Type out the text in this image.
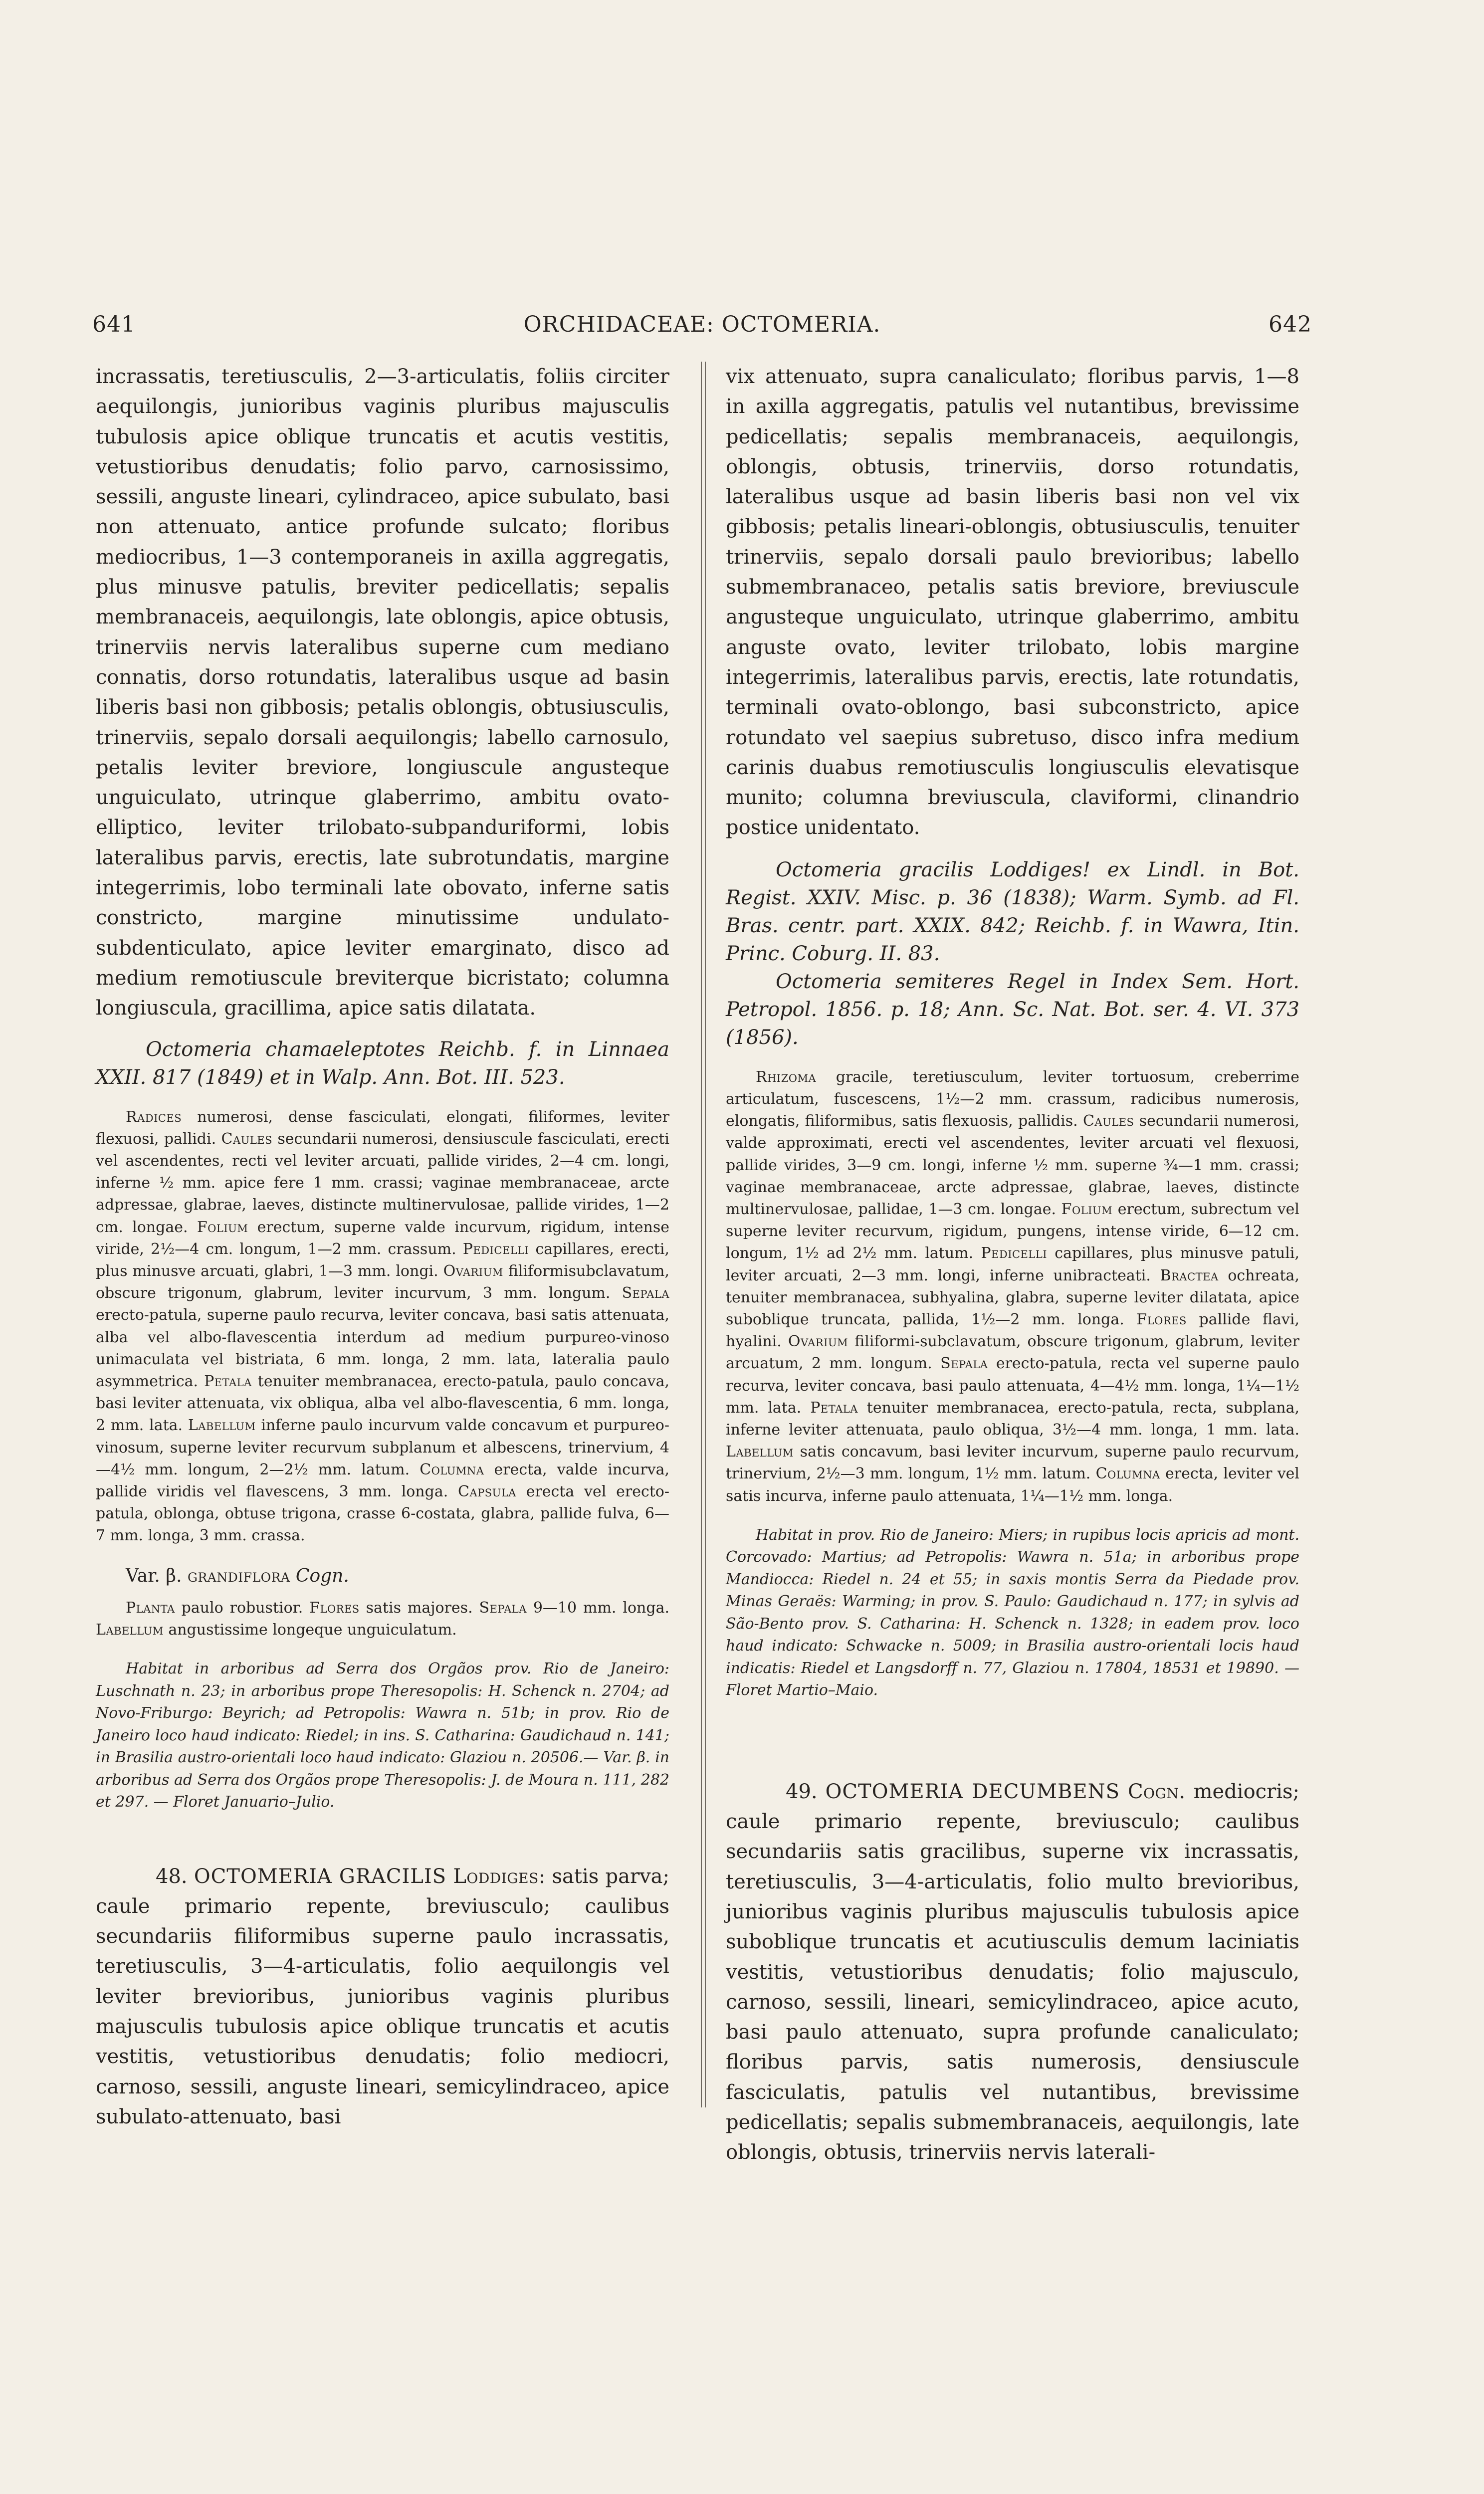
641	ORCHIDACEAE: OCTOMERIA.	642

incrassatis, teretiusculis, 2—3-articulatis, foliis circiter aequilongis, junioribus vaginis pluribus majusculis tubulosis apice oblique truncatis et acutis vestitis, vetustioribus denudatis; folio parvo, carnosissimo, sessili, anguste lineari, cylindraceo, apice subulato, basi non attenuato, antice profunde sulcato; floribus mediocribus, 1—3 contemporaneis in axilla aggregatis, plus minusve patulis, breviter pedicellatis; sepalis membranaceis, aequilongis, late oblongis, apice obtusis, trinerviis nervis lateralibus superne cum mediano connatis, dorso rotundatis, lateralibus usque ad basin liberis basi non gibbosis; petalis oblongis, obtusiusculis, trinerviis, sepalo dorsali aequilongis; labello carnosulo, petalis leviter breviore, longiuscule angusteque unguiculato, utrinque glaberrimo, ambitu ovato-elliptico, leviter trilobato-subpanduriformi, lobis lateralibus parvis, erectis, late subrotundatis, margine integerrimis, lobo terminali late obovato, inferne satis constricto, margine minutissime undulato-subdenticulato, apice leviter emarginato, disco ad medium remotiuscule breviterque bicristato; columna longiuscula, gracillima, apice satis dilatata.

Octomeria chamaeleptotes Reichb. f. in Linnaea XXII. 817 (1849) et in Walp. Ann. Bot. III. 523.

Radices numerosi, dense fasciculati, elongati, filiformes, leviter flexuosi, pallidi. Caules secundarii numerosi, densiuscule fasciculati, erecti vel ascendentes, recti vel leviter arcuati, pallide virides, 2—4 cm. longi, inferne ½ mm. apice fere 1 mm. crassi; vaginae membranaceae, arcte adpressae, glabrae, laeves, distincte multinervulosae, pallide virides, 1—2 cm. longae. Folium erectum, superne valde incurvum, rigidum, intense viride, 2½—4 cm. longum, 1—2 mm. crassum. Pedicelli capillares, erecti, plus minusve arcuati, glabri, 1—3 mm. longi. Ovarium filiformisubclavatum, obscure trigonum, glabrum, leviter incurvum, 3 mm. longum. Sepala erecto-patula, superne paulo recurva, leviter concava, basi satis attenuata, alba vel albo-flavescentia interdum ad medium purpureo-vinoso unimaculata vel bistriata, 6 mm. longa, 2 mm. lata, lateralia paulo asymmetrica. Petala tenuiter membranacea, erecto-patula, paulo concava, basi leviter attenuata, vix obliqua, alba vel albo-flavescentia, 6 mm. longa, 2 mm. lata. Labellum inferne paulo incurvum valde concavum et purpureo-vinosum, superne leviter recurvum subplanum et albescens, trinervium, 4—4½ mm. longum, 2—2½ mm. latum. Columna erecta, valde incurva, pallide viridis vel flavescens, 3 mm. longa. Capsula erecta vel erecto-patula, oblonga, obtuse trigona, crasse 6-costata, glabra, pallide fulva, 6—7 mm. longa, 3 mm. crassa.

Var. β. grandiflora Cogn.

Planta paulo robustior. Flores satis majores. Sepala 9—10 mm. longa. Labellum angustissime longeque unguiculatum.

Habitat in arboribus ad Serra dos Orgãos prov. Rio de Janeiro: Luschnath n. 23; in arboribus prope Theresopolis: H. Schenck n. 2704; ad Novo-Friburgo: Beyrich; ad Petropolis: Wawra n. 51b; in prov. Rio de Janeiro loco haud indicato: Riedel; in ins. S. Catharina: Gaudichaud n. 141; in Brasilia austro-orientali loco haud indicato: Glaziou n. 20506.— Var. β. in arboribus ad Serra dos Orgãos prope Theresopolis: J. de Moura n. 111, 282 et 297. — Floret Januario–Julio.

48. OCTOMERIA GRACILIS Loddiges: satis parva; caule primario repente, breviusculo; caulibus secundariis filiformibus superne paulo incrassatis, teretiusculis, 3—4-articulatis, folio aequilongis vel leviter brevioribus, junioribus vaginis pluribus majusculis tubulosis apice oblique truncatis et acutis vestitis, vetustioribus denudatis; folio mediocri, carnoso, sessili, anguste lineari, semicylindraceo, apice subulato-attenuato, basi

vix attenuato, supra canaliculato; floribus parvis, 1—8 in axilla aggregatis, patulis vel nutantibus, brevissime pedicellatis; sepalis membranaceis, aequilongis, oblongis, obtusis, trinerviis, dorso rotundatis, lateralibus usque ad basin liberis basi non vel vix gibbosis; petalis lineari-oblongis, obtusiusculis, tenuiter trinerviis, sepalo dorsali paulo brevioribus; labello submembranaceo, petalis satis breviore, breviuscule angusteque unguiculato, utrinque glaberrimo, ambitu anguste ovato, leviter trilobato, lobis margine integerrimis, lateralibus parvis, erectis, late rotundatis, terminali ovato-oblongo, basi subconstricto, apice rotundato vel saepius subretuso, disco infra medium carinis duabus remotiusculis longiusculis elevatisque munito; columna breviuscula, claviformi, clinandrio postice unidentato.

Octomeria gracilis Loddiges! ex Lindl. in Bot. Regist. XXIV. Misc. p. 36 (1838); Warm. Symb. ad Fl. Bras. centr. part. XXIX. 842; Reichb. f. in Wawra, Itin. Princ. Coburg. II. 83.

Octomeria semiteres Regel in Index Sem. Hort. Petropol. 1856. p. 18; Ann. Sc. Nat. Bot. ser. 4. VI. 373 (1856).

Rhizoma gracile, teretiusculum, leviter tortuosum, creberrime articulatum, fuscescens, 1½—2 mm. crassum, radicibus numerosis, elongatis, filiformibus, satis flexuosis, pallidis. Caules secundarii numerosi, valde approximati, erecti vel ascendentes, leviter arcuati vel flexuosi, pallide virides, 3—9 cm. longi, inferne ½ mm. superne ¾—1 mm. crassi; vaginae membranaceae, arcte adpressae, glabrae, laeves, distincte multinervulosae, pallidae, 1—3 cm. longae. Folium erectum, subrectum vel superne leviter recurvum, rigidum, pungens, intense viride, 6—12 cm. longum, 1½ ad 2½ mm. latum. Pedicelli capillares, plus minusve patuli, leviter arcuati, 2—3 mm. longi, inferne unibracteati. Bractea ochreata, tenuiter membranacea, subhyalina, glabra, superne leviter dilatata, apice suboblique truncata, pallida, 1½—2 mm. longa. Flores pallide flavi, hyalini. Ovarium filiformi-subclavatum, obscure trigonum, glabrum, leviter arcuatum, 2 mm. longum. Sepala erecto-patula, recta vel superne paulo recurva, leviter concava, basi paulo attenuata, 4—4½ mm. longa, 1¼—1½ mm. lata. Petala tenuiter membranacea, erecto-patula, recta, subplana, inferne leviter attenuata, paulo obliqua, 3½—4 mm. longa, 1 mm. lata. Labellum satis concavum, basi leviter incurvum, superne paulo recurvum, trinervium, 2½—3 mm. longum, 1½ mm. latum. Columna erecta, leviter vel satis incurva, inferne paulo attenuata, 1¼—1½ mm. longa.

Habitat in prov. Rio de Janeiro: Miers; in rupibus locis apricis ad mont. Corcovado: Martius; ad Petropolis: Wawra n. 51a; in arboribus prope Mandiocca: Riedel n. 24 et 55; in saxis montis Serra da Piedade prov. Minas Geraës: Warming; in prov. S. Paulo: Gaudichaud n. 177; in sylvis ad São-Bento prov. S. Catharina: H. Schenck n. 1328; in eadem prov. loco haud indicato: Schwacke n. 5009; in Brasilia austro-orientali locis haud indicatis: Riedel et Langsdorff n. 77, Glaziou n. 17804, 18531 et 19890. — Floret Martio–Maio.

49. OCTOMERIA DECUMBENS Cogn. mediocris; caule primario repente, breviusculo; caulibus secundariis satis gracilibus, superne vix incrassatis, teretiusculis, 3—4-articulatis, folio multo brevioribus, junioribus vaginis pluribus majusculis tubulosis apice suboblique truncatis et acutiusculis demum laciniatis vestitis, vetustioribus denudatis; folio majusculo, carnoso, sessili, lineari, semicylindraceo, apice acuto, basi paulo attenuato, supra profunde canaliculato; floribus parvis, satis numerosis, densiuscule fasciculatis, patulis vel nutantibus, brevissime pedicellatis; sepalis submembranaceis, aequilongis, late oblongis, obtusis, trinerviis nervis laterali-
